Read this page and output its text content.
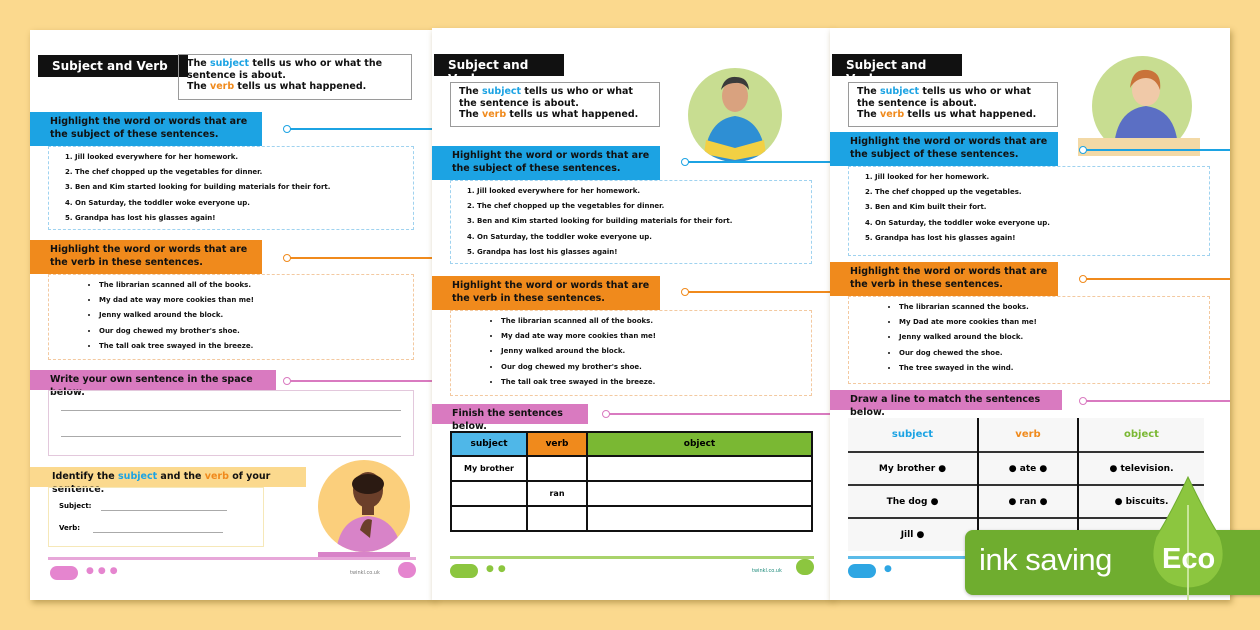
Subject and Verb	The subject tells us who or what the sentence is about.
The verb tells us what happened.
Highlight the word or words that are the subject of these sentences.
1. Jill looked everywhere for her homework.
2. The chef chopped up the vegetables for dinner.
3. Ben and Kim started looking for building materials for their fort.
4. On Saturday, the toddler woke everyone up.
5. Grandpa has lost his glasses again!
Highlight the word or words that are the verb in these sentences.
• The librarian scanned all of the books.
• My dad ate way more cookies than me!
• Jenny walked around the block.
• Our dog chewed my brother's shoe.
• The tall oak tree swayed in the breeze.
Write your own sentence in the space below.
Identify the subject and the verb of your sentence.
Subject:
Verb:
●●●	twinkl.co.uk
Subject and Verb
The subject tells us who or what the sentence is about.
The verb tells us what happened.
Highlight the word or words that are the subject of these sentences.
1. Jill looked everywhere for her homework.
2. The chef chopped up the vegetables for dinner.
3. Ben and Kim started looking for building materials for their fort.
4. On Saturday, the toddler woke everyone up.
5. Grandpa has lost his glasses again!
Highlight the word or words that are the verb in these sentences.
• The librarian scanned all of the books.
• My dad ate way more cookies than me!
• Jenny walked around the block.
• Our dog chewed my brother's shoe.
• The tall oak tree swayed in the breeze.
Finish the sentences below.
subject	verb	object
My brother		
	ran	

●●	twinkl.co.uk
Subject and Verb
The subject tells us who or what the sentence is about.
The verb tells us what happened.
Highlight the word or words that are the subject of these sentences.
1. Jill looked for her homework.
2. The chef chopped up the vegetables.
3. Ben and Kim built their fort.
4. On Saturday, the toddler woke everyone up.
5. Grandpa has lost his glasses again!
Highlight the word or words that are the verb in these sentences.
• The librarian scanned the books.
• My Dad ate more cookies than me!
• Jenny walked around the block.
• Our dog chewed the shoe.
• The tree swayed in the wind.
Draw a line to match the sentences below.
subject	verb	object
My brother ●	● ate ●	● television.
The dog ●	● ran ●	● biscuits.
Jill ●		
●	ink saving Eco
